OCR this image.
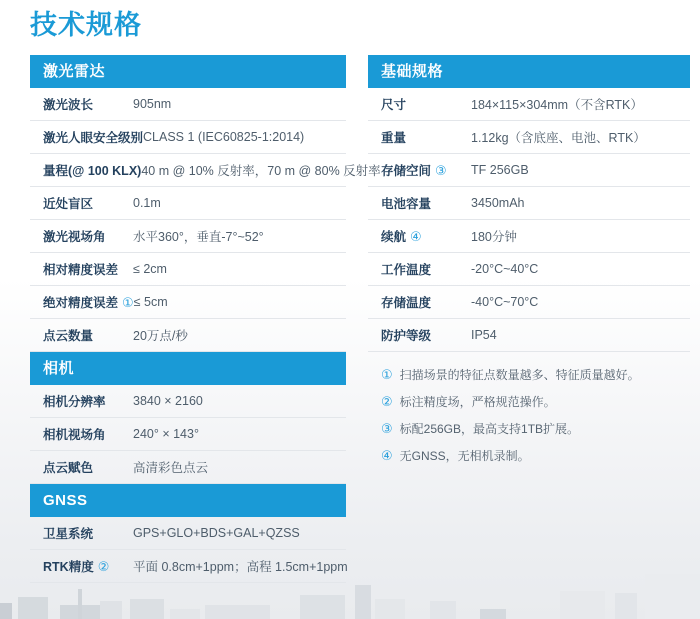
技术规格
激光雷达
激光波长	905nm
激光人眼安全级别 CLASS 1 (IEC60825-1:2014)
量程(@ 100 KLX) 40 m @ 10% 反射率，70 m @ 80% 反射率
近处盲区	0.1m
激光视场角 水平360°，垂直-7°~52°
相对精度误差 ≤ 2cm
绝对精度误差 ① ≤ 5cm
点云数量	20万点/秒
相机
相机分辨率 3840 × 2160
相机视场角 240° × 143°
点云赋色	高清彩色点云
GNSS
卫星系统	GPS+GLO+BDS+GAL+QZSS
RTK精度 ② 平面 0.8cm+1ppm；高程 1.5cm+1ppm
基础规格
尺寸	184×115×304mm（不含RTK）
重量	1.12kg（含底座、电池、RTK）
存储空间 ③ TF 256GB
电池容量	3450mAh
续航 ④	180分钟
工作温度	-20°C~40°C
存储温度	-40°C~70°C
防护等级	IP54
① 扫描场景的特征点数量越多、特征质量越好。
② 标注精度场，严格规范操作。
③ 标配256GB，最高支持1TB扩展。
④ 无GNSS，无相机录制。
